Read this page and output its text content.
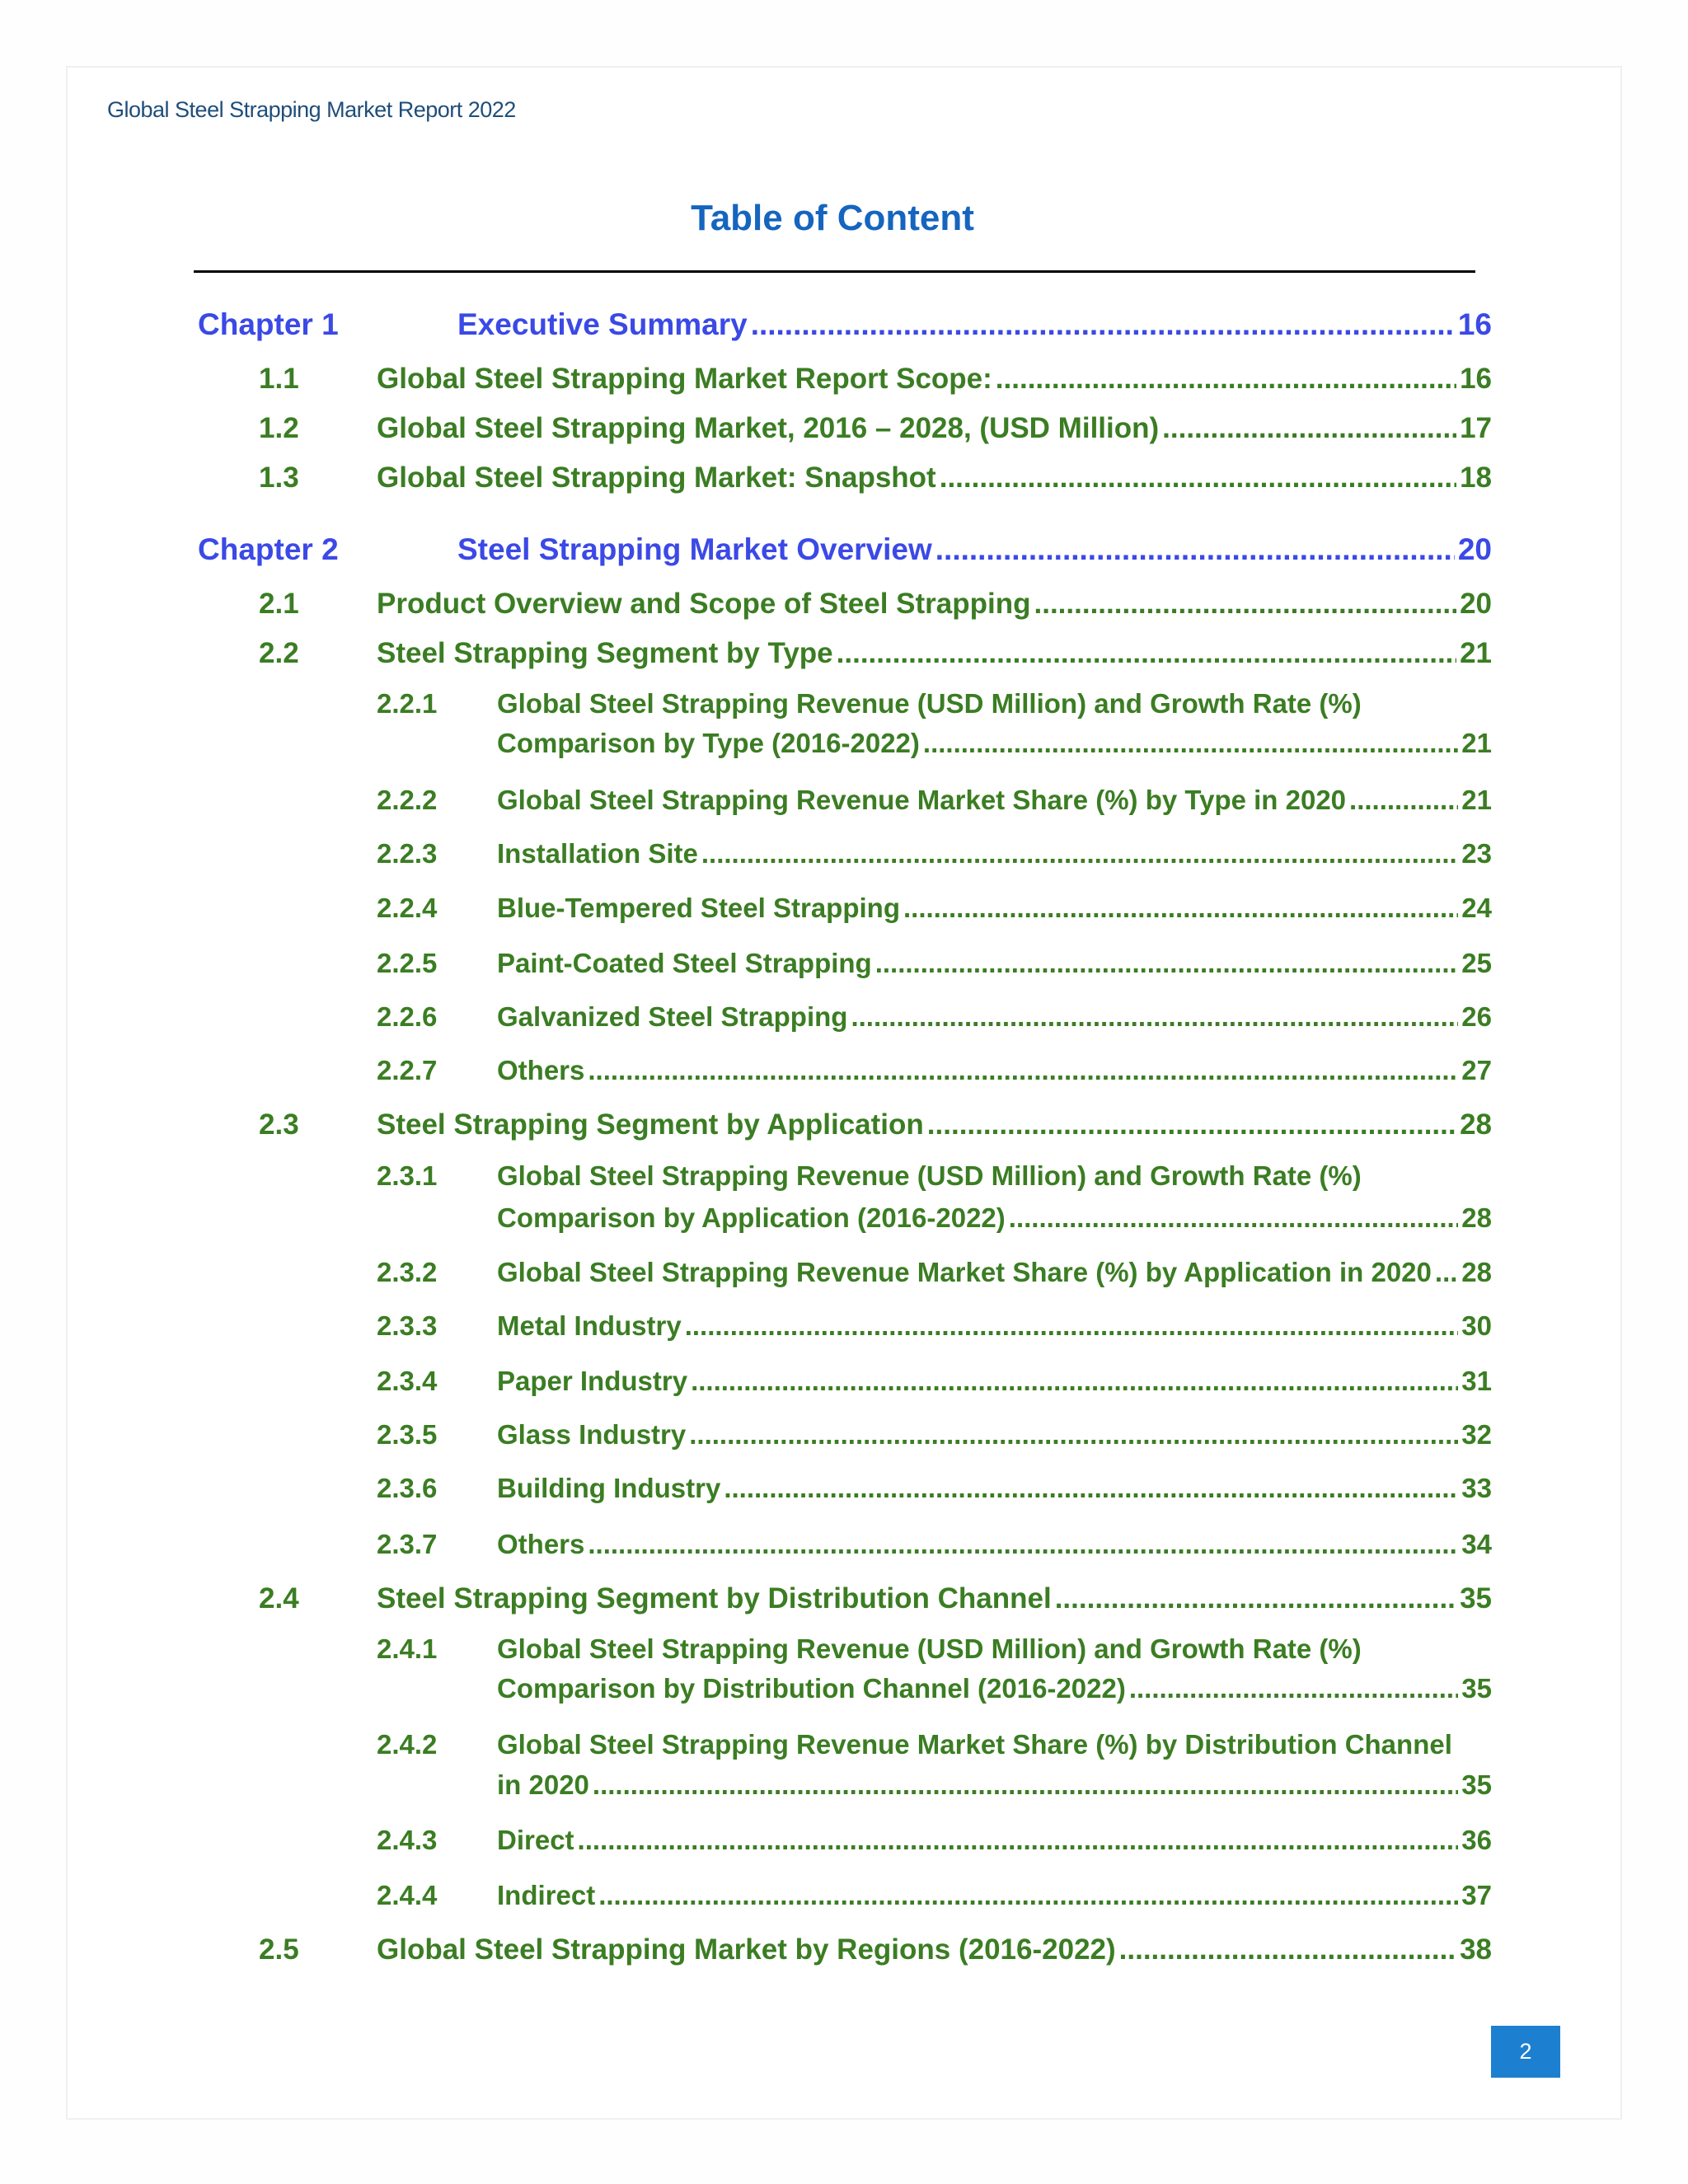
Global Steel Strapping Market Report 2022
Table of Content
Chapter 1	Executive Summary .....	16
1.1	Global Steel Strapping Market Report Scope: .....	16
1.2	Global Steel Strapping Market, 2016 – 2028, (USD Million) .....	17
1.3	Global Steel Strapping Market: Snapshot .....	18
Chapter 2	Steel Strapping Market Overview .....	20
2.1	Product Overview and Scope of Steel Strapping .....	20
2.2	Steel Strapping Segment by Type .....	21
2.2.1 Global Steel Strapping Revenue (USD Million) and Growth Rate (%)
Comparison by Type (2016-2022) .....	21
2.2.2 Global Steel Strapping Revenue Market Share (%) by Type in 2020 .....	21
2.2.3 Installation Site .....	23
2.2.4 Blue-Tempered Steel Strapping .....	24
2.2.5 Paint-Coated Steel Strapping .....	25
2.2.6 Galvanized Steel Strapping .....	26
2.2.7 Others .....	27
2.3	Steel Strapping Segment by Application .....	28
2.3.1 Global Steel Strapping Revenue (USD Million) and Growth Rate (%)
Comparison by Application (2016-2022) .....	28
2.3.2 Global Steel Strapping Revenue Market Share (%) by Application in 2020 ..... 28
2.3.3 Metal Industry .....	30
2.3.4 Paper Industry .....	31
2.3.5 Glass Industry .....	32
2.3.6 Building Industry .....	33
2.3.7 Others .....	34
2.4	Steel Strapping Segment by Distribution Channel .....	35
2.4.1 Global Steel Strapping Revenue (USD Million) and Growth Rate (%)
Comparison by Distribution Channel (2016-2022) .....	35
2.4.2 Global Steel Strapping Revenue Market Share (%) by Distribution Channel
in 2020 .....	35
2.4.3 Direct .....	36
2.4.4 Indirect .....	37
2.5	Global Steel Strapping Market by Regions (2016-2022) .....	38
2
